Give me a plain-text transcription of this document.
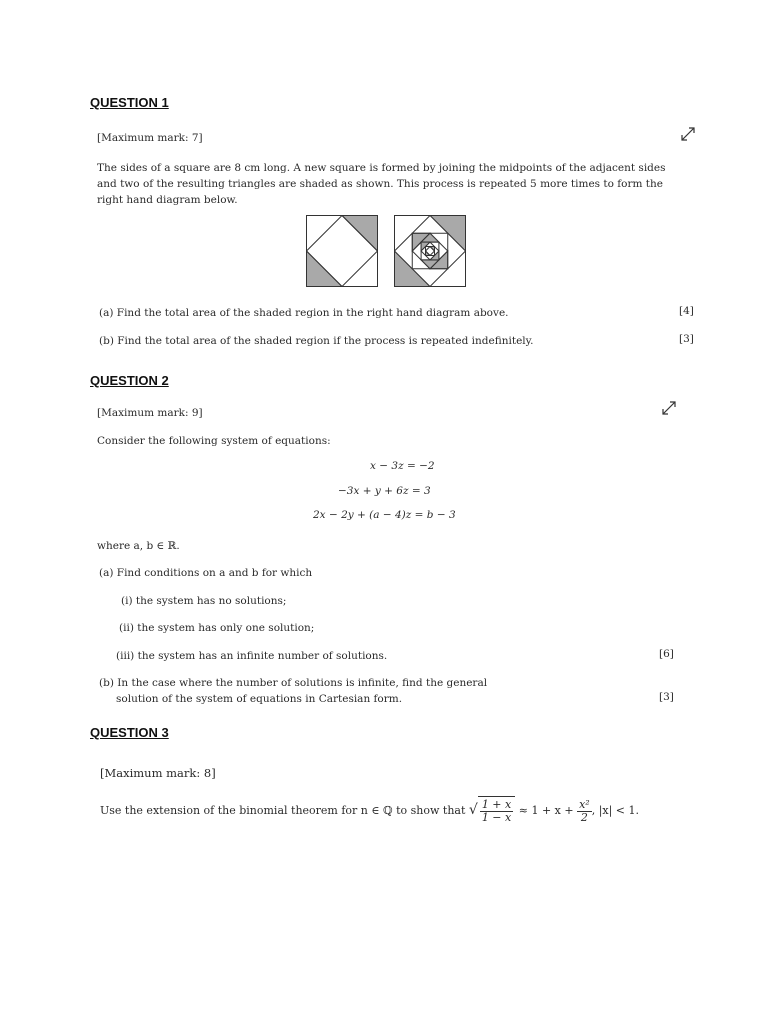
QUESTION 1
[Maximum mark: 7]
The sides of a square are 8 cm long. A new square is formed by joining the midpoints of the adjacent sides and two of the resulting triangles are shaded as shown. This process is repeated 5 more times to form the right hand diagram below.
(a) Find the total area of the shaded region in the right hand diagram above.	[4]
(b) Find the total area of the shaded region if the process is repeated indefinitely.	[3]
QUESTION 2
[Maximum mark: 9]
Consider the following system of equations:
x − 3z = −2
−3x + y + 6z = 3
2x − 2y + (a − 4)z = b − 3
where a, b ∈ ℝ.
(a) Find conditions on a and b for which
(i) the system has no solutions;
(ii) the system has only one solution;
(iii) the system has an infinite number of solutions.	[6]
(b) In the case where the number of solutions is infinite, find the general
solution of the system of equations in Cartesian form.	[3]
QUESTION 3
[Maximum mark: 8]
Use the extension of the binomial theorem for n ∈ ℚ to show that √ $\frac{1 + x}{1 - x} \approx 1 + x + \frac{\text{x²}}{2}$ , |x| < 1.
